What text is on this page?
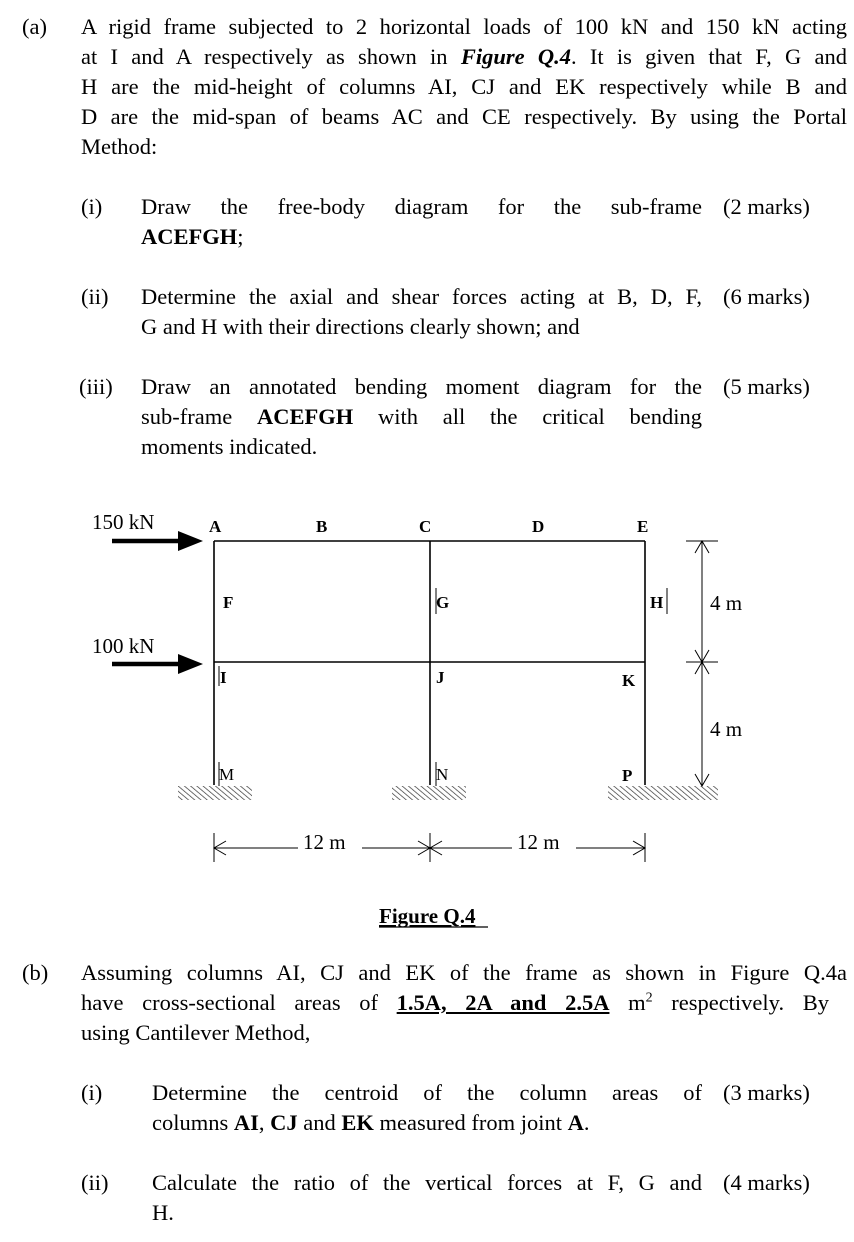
(a) A rigid frame subjected to 2 horizontal loads of 100 kN and 150 kN acting
at I and A respectively as shown in Figure Q.4. It is given that F, G and
H are the mid-height of columns AI, CJ and EK respectively while B and
D are the mid-span of beams AC and CE respectively. By using the Portal
Method:
(i) Draw the free-body diagram for the sub-frame
ACEFGH;
(2 marks)
(ii) Determine the axial and shear forces acting at B, D, F,
G and H with their directions clearly shown; and
(6 marks)
(iii) Draw an annotated bending moment diagram for the
sub-frame ACEFGH with all the critical bending
moments indicated.
(5 marks)
150 kN
100 kN
A	B	C	D	E
F	G	H
I	J	K
M	N	P
12 m	12 m
4 m
4 m
Figure Q.4
(b) Assuming columns AI, CJ and EK of the frame as shown in Figure Q.4a
have cross-sectional areas of 1.5A, 2A and 2.5A $m^2$ respectively. By
using Cantilever Method,
(i) Determine the centroid of the column areas of
columns AI, CJ and EK measured from joint A.
(3 marks)
(ii) Calculate the ratio of the vertical forces at F, G and
H.
(4 marks)
